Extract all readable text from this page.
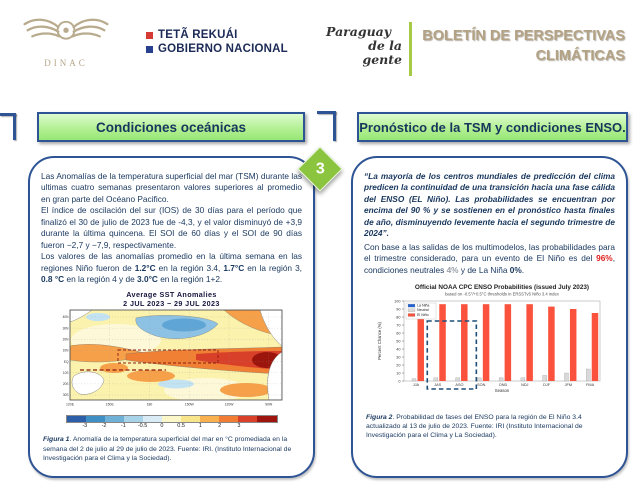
DINAC
TETÃ REKUÁI
GOBIERNO NACIONAL
Paraguay
de la gente
BOLETÍN DE PERSPECTIVAS
CLIMÁTICAS
3
Condiciones oceánicas	Pronóstico de la TSM y condiciones ENSO.

Las Anomalías de la temperatura superficial del mar (TSM) durante las ultimas cuatro semanas presentaron valores superiores al promedio en gran parte del Océano Pacifico.

El índice de oscilación del sur (IOS) de 30 días para el período que finalizó el 30 de julio de 2023 fue de -4,3, y el valor disminuyó de +3,9 durante la última quincena. El SOI de 60 días y el SOI de 90 días fueron −2,7 y −7,9, respectivamente.

Los valores de las anomalías promedio en la última semana en las regiones Niño fueron de 1.2°C en la región 3.4, 1.7°C en la región 3, 0.8 °C en la región 4 y de 3.0°C en la región 1+2.

Average SST Anomalies
2 JUL 2023 − 29 JUL 2023
120E	150E	180	150W	120W	90W
40N
30N
20N
10N
EQ
10S
20S
30S
-3	-2	-1 -0.5 0	0.5	1	2	3

Figura 1. Anomalía de la temperatura superficial del mar en °C promediada en la semana del 2 de julio al 29 de julio de 2023. Fuente: IRI. (Instituto Internacional de Investigación para el Clima y la Sociedad).

“La mayoría de los centros mundiales de predicción del clima predicen la continuidad de una transición hacia una fase cálida del ENSO (EL Niño). Las probabilidades se encuentran por encima del 90 % y se sostienen en el pronóstico hasta finales de año, disminuyendo levemente hacia el segundo trimestre de 2024”.

Con base a las salidas de los multimodelos, las probabilidades para el trimestre considerado, para un evento de El Niño es del 96%, condiciones neutrales 4% y de La Niña 0%.

Official NOAA CPC ENSO Probabilities (issued July 2023)
based on -0.5°/+0.5°C thresholds in ERSSTv5 Niño 3.4 index
0
10
20
30
40
50
60
70
80
90
100
Percent Chance (%)
JJA	JAS	ASO	SON	OND	NDJ	DJF	JFM	FMA
Season
La Niña
Neutral
El Niño

Figura 2. Probabilidad de fases del ENSO para la región de El Niño 3.4 actualizado al 13 de julio de 2023. Fuente: IRI (Instituto Internacional de Investigación para el Clima y La Sociedad).
